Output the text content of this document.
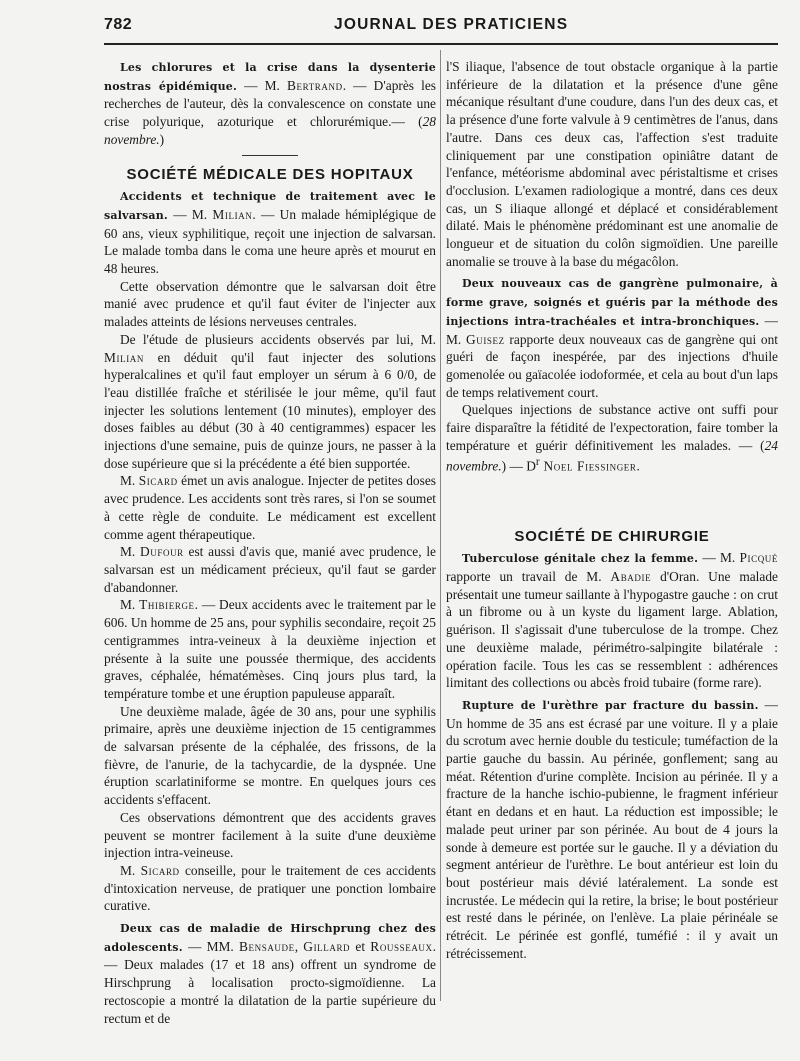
782	JOURNAL DES PRATICIENS

Les chlorures et la crise dans la dysenterie nostras épidémique. — M. Bertrand. — D'après les recherches de l'auteur, dès la convalescence on constate une crise polyurique, azoturique et chlorurémique.— (28 novembre.)

SOCIÉTÉ MÉDICALE DES HOPITAUX

Accidents et technique de traitement avec le salvarsan. — M. Milian. — Un malade hémiplégique de 60 ans, vieux syphilitique, reçoit une injection de salvarsan. Le malade tomba dans le coma une heure après et mourut en 48 heures.

Cette observation démontre que le salvarsan doit être manié avec prudence et qu'il faut éviter de l'injecter aux malades atteints de lésions nerveuses centrales.

De l'étude de plusieurs accidents observés par lui, M. Milian en déduit qu'il faut injecter des solutions hyperalcalines et qu'il faut employer un sérum à 6 0/0, de l'eau distillée fraîche et stérilisée le jour même, qu'il faut injecter les solutions lentement (10 minutes), employer des doses faibles au début (30 à 40 centigrammes) espacer les injections d'une semaine, puis de quinze jours, ne passer à la dose supérieure que si la précédente a été bien supportée.

M. Sicard émet un avis analogue. Injecter de petites doses avec prudence. Les accidents sont très rares, si l'on se soumet à cette règle de conduite. Le médicament est excellent comme agent thérapeutique.

M. Dufour est aussi d'avis que, manié avec prudence, le salvarsan est un médicament précieux, qu'il faut se garder d'abandonner.

M. Thibierge. — Deux accidents avec le traitement par le 606. Un homme de 25 ans, pour syphilis secondaire, reçoit 25 centigrammes intra-veineux à la deuxième injection et présente à la suite une poussée thermique, des accidents graves, céphalée, hématémèses. Cinq jours plus tard, la température tombe et une éruption papuleuse apparaît.

Une deuxième malade, âgée de 30 ans, pour une syphilis primaire, après une deuxième injection de 15 centigrammes de salvarsan présente de la céphalée, des frissons, de la fièvre, de l'anurie, de la tachycardie, de la dyspnée. Une éruption scarlatiniforme se montre. En quelques jours ces accidents s'effacent.

Ces observations démontrent que des accidents graves peuvent se montrer facilement à la suite d'une deuxième injection intra-veineuse.

M. Sicard conseille, pour le traitement de ces accidents d'intoxication nerveuse, de pratiquer une ponction lombaire curative.

Deux cas de maladie de Hirschprung chez des adolescents. — MM. Bensaude, Gillard et Rousseaux. — Deux malades (17 et 18 ans) offrent un syndrome de Hirschprung à localisation procto-sigmoïdienne. La rectoscopie a montré la dilatation de la partie supérieure du rectum et de

l'S iliaque, l'absence de tout obstacle organique à la partie inférieure de la dilatation et la présence d'une gêne mécanique résultant d'une coudure, dans l'un des deux cas, et la présence d'une forte valvule à 9 centimètres de l'anus, dans l'autre. Dans ces deux cas, l'affection s'est traduite cliniquement par une constipation opiniâtre datant de l'enfance, météorisme abdominal avec péristaltisme et crises d'occlusion. L'examen radiologique a montré, dans ces deux cas, un S iliaque allongé et déplacé et considérablement dilaté. Mais le phénomène prédominant est une anomalie de longueur et de situation du colôn sigmoïdien. Une pareille anomalie se trouve à la base du mégacôlon.

Deux nouveaux cas de gangrène pulmonaire, à forme grave, soignés et guéris par la méthode des injections intra-trachéales et intra-bronchiques. — M. Guisez rapporte deux nouveaux cas de gangrène qui ont guéri de façon inespérée, par des injections d'huile gomenolée ou gaïacolée iodoformée, et cela au bout d'un laps de temps relativement court.

Quelques injections de substance active ont suffi pour faire disparaître la fétidité de l'expectoration, faire tomber la température et guérir définitivement les malades. — (24 novembre.) — $D^r$ Noel Fiessinger.

SOCIÉTÉ DE CHIRURGIE

Tuberculose génitale chez la femme. — M. Picqué rapporte un travail de M. Abadie d'Oran. Une malade présentait une tumeur saillante à l'hypogastre gauche : on crut à un fibrome ou à un kyste du ligament large. Ablation, guérison. Il s'agissait d'une tuberculose de la trompe. Chez une deuxième malade, périmétro-salpingite bilatérale : opération facile. Tous les cas se ressemblent : adhérences limitant des collections ou abcès froid tubaire (forme rare).

Rupture de l'urèthre par fracture du bassin. — Un homme de 35 ans est écrasé par une voiture. Il y a plaie du scrotum avec hernie double du testicule; tuméfaction de la partie gauche du bassin. Au périnée, gonflement; sang au méat. Rétention d'urine complète. Incision au périnée. Il y a fracture de la hanche ischio-pubienne, le fragment inférieur étant en dedans et en haut. La réduction est impossible; le malade peut uriner par son périnée. Au bout de 4 jours la sonde à demeure est portée sur le gauche. Il y a déviation du segment antérieur de l'urèthre. Le bout antérieur est loin du bout postérieur mais dévié latéralement. La sonde est incrustée. Le médecin qui la retire, la brise; le bout postérieur est resté dans le périnée, on l'enlève. La plaie périnéale se rétrécit. Le périnée est gonflé, tuméfié : il y avait un rétrécissement.
